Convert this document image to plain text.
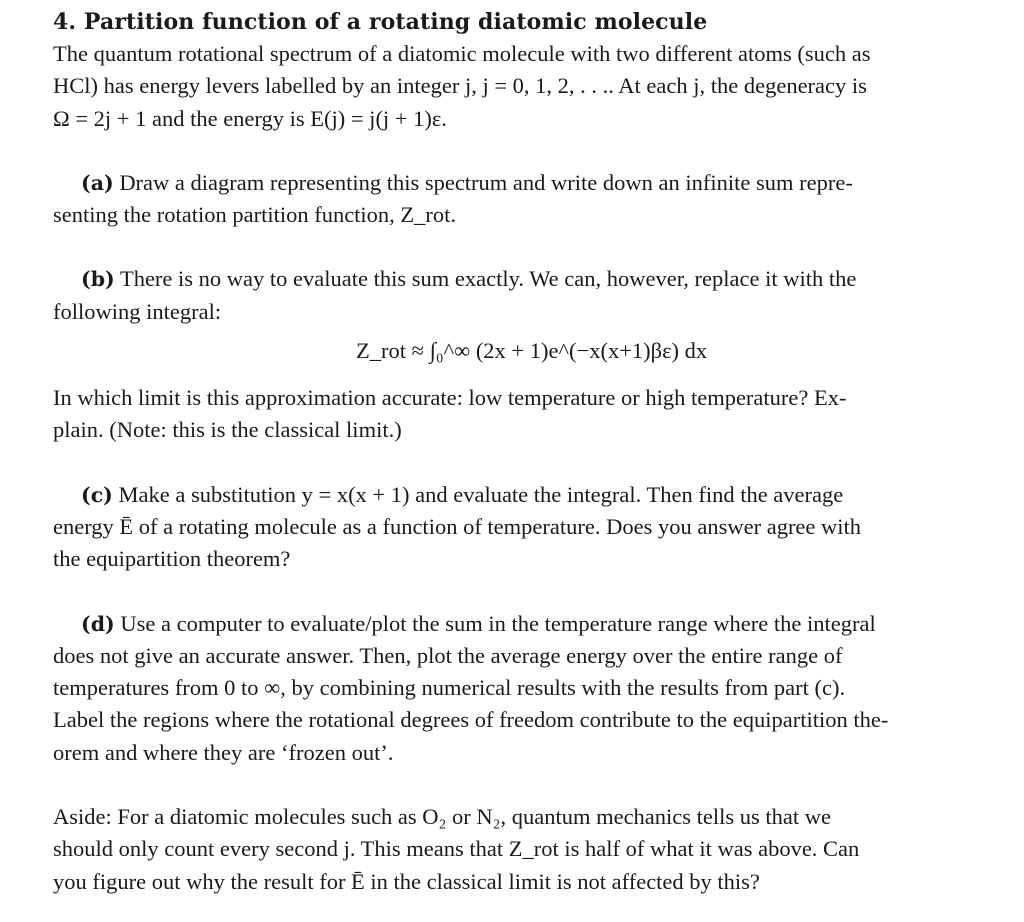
4. Partition function of a rotating diatomic molecule
The quantum rotational spectrum of a diatomic molecule with two different atoms (such as
HCl) has energy levers labelled by an integer j, j = 0, 1, 2, . . .. At each j, the degeneracy is
Ω = 2j + 1 and the energy is E(j) = j(j + 1)ε.
(a) Draw a diagram representing this spectrum and write down an infinite sum repre-
senting the rotation partition function, Z_rot.
(b) There is no way to evaluate this sum exactly. We can, however, replace it with the
following integral:
Z_rot ≈ ∫₀^∞ (2x + 1)e^(−x(x+1)βε) dx
In which limit is this approximation accurate: low temperature or high temperature? Ex-
plain. (Note: this is the classical limit.)
(c) Make a substitution y = x(x + 1) and evaluate the integral. Then find the average
energy Ē of a rotating molecule as a function of temperature. Does you answer agree with
the equipartition theorem?
(d) Use a computer to evaluate/plot the sum in the temperature range where the integral
does not give an accurate answer. Then, plot the average energy over the entire range of
temperatures from 0 to ∞, by combining numerical results with the results from part (c).
Label the regions where the rotational degrees of freedom contribute to the equipartition the-
orem and where they are ‘frozen out’.
Aside: For a diatomic molecules such as O₂ or N₂, quantum mechanics tells us that we
should only count every second j. This means that Z_rot is half of what it was above. Can
you figure out why the result for Ē in the classical limit is not affected by this?
